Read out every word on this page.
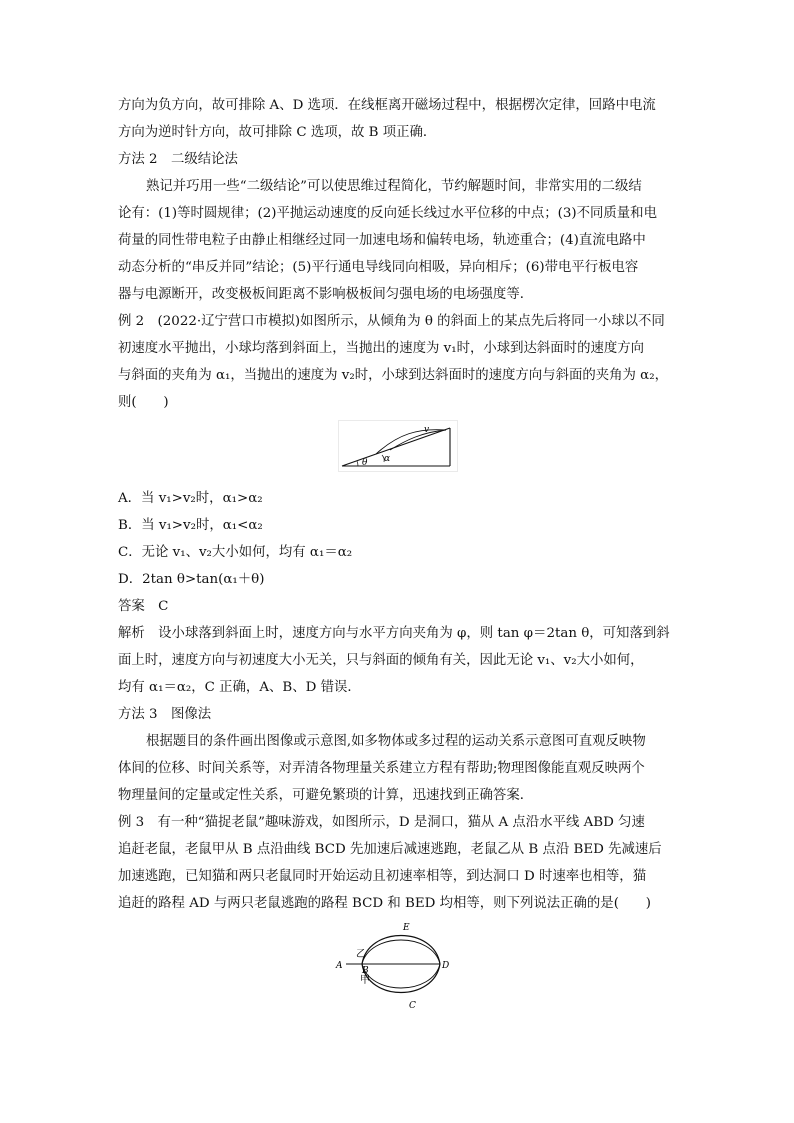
方向为负方向，故可排除 A、D 选项．在线框离开磁场过程中，根据楞次定律，回路中电流
方向为逆时针方向，故可排除 C 选项，故 B 项正确．
方法 2　二级结论法
熟记并巧用一些“二级结论”可以使思维过程简化，节约解题时间，非常实用的二级结
论有：(1)等时圆规律；(2)平抛运动速度的反向延长线过水平位移的中点；(3)不同质量和电
荷量的同性带电粒子由静止相继经过同一加速电场和偏转电场，轨迹重合；(4)直流电路中
动态分析的“串反并同”结论；(5)平行通电导线同向相吸，异向相斥；(6)带电平行板电容
器与电源断开，改变极板间距离不影响极板间匀强电场的电场强度等．
例 2　(2022·辽宁营口市模拟)如图所示，从倾角为 θ 的斜面上的某点先后将同一小球以不同
初速度水平抛出，小球均落到斜面上，当抛出的速度为 v₁时，小球到达斜面时的速度方向
与斜面的夹角为 α₁，当抛出的速度为 v₂时，小球到达斜面时的速度方向与斜面的夹角为 α₂，
则(　　)
v
α
θ
A．当 v₁>v₂时，α₁>α₂
B．当 v₁>v₂时，α₁<α₂
C．无论 v₁、v₂大小如何，均有 α₁＝α₂
D．2tan θ>tan(α₁＋θ)
答案　C
解析　设小球落到斜面上时，速度方向与水平方向夹角为 φ，则 tan φ＝2tan θ，可知落到斜
面上时，速度方向与初速度大小无关，只与斜面的倾角有关，因此无论 v₁、v₂大小如何，
均有 α₁＝α₂，C 正确，A、B、D 错误．
方法 3　图像法
根据题目的条件画出图像或示意图,如多物体或多过程的运动关系示意图可直观反映物
体间的位移、时间关系等，对弄清各物理量关系建立方程有帮助;物理图像能直观反映两个
物理量间的定量或定性关系，可避免繁琐的计算，迅速找到正确答案．
例 3　有一种“猫捉老鼠”趣味游戏，如图所示，D 是洞口，猫从 A 点沿水平线 ABD 匀速
追赶老鼠，老鼠甲从 B 点沿曲线 BCD 先加速后减速逃跑，老鼠乙从 B 点沿 BED 先减速后
加速逃跑，已知猫和两只老鼠同时开始运动且初速率相等，到达洞口 D 时速率也相等，猫
追赶的路程 AD 与两只老鼠逃跑的路程 BCD 和 BED 均相等，则下列说法正确的是(　　)
E
A B	D
C
乙
甲
